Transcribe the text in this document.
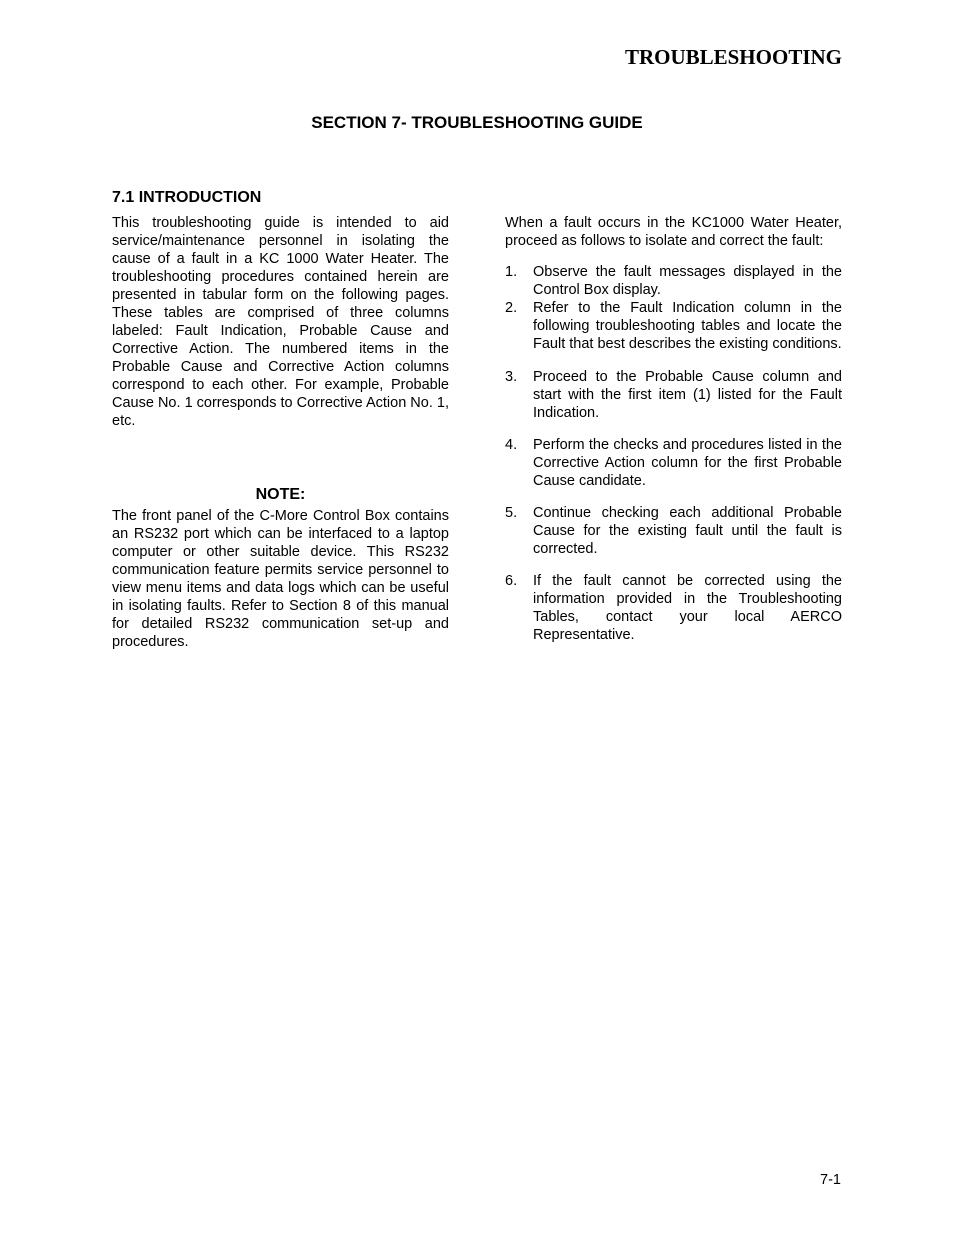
TROUBLESHOOTING
SECTION 7- TROUBLESHOOTING GUIDE
7.1 INTRODUCTION

This troubleshooting guide is intended to aid service/maintenance personnel in isolating the cause of a fault in a KC 1000 Water Heater. The troubleshooting procedures contained herein are presented in tabular form on the following pages. These tables are comprised of three columns labeled: Fault Indication, Probable Cause and Corrective Action. The numbered items in the Probable Cause and Corrective Action columns correspond to each other. For example, Probable Cause No. 1 corresponds to Corrective Action No. 1, etc.

NOTE:

The front panel of the C-More Control Box contains an RS232 port which can be interfaced to a laptop computer or other suitable device. This RS232 communication feature permits service personnel to view menu items and data logs which can be useful in isolating faults. Refer to Section 8 of this manual for detailed RS232 communication set-up and procedures.

When a fault occurs in the KC1000 Water Heater, proceed as follows to isolate and correct the fault:

1.	Observe the fault messages displayed in the Control Box display.
2.	Refer to the Fault Indication column in the following troubleshooting tables and locate the Fault that best describes the existing conditions.
3.	Proceed to the Probable Cause column and start with the first item (1) listed for the Fault Indication.
4.	Perform the checks and procedures listed in the Corrective Action column for the first Probable Cause candidate.
5.	Continue checking each additional Probable Cause for the existing fault until the fault is corrected.
6.	If the fault cannot be corrected using the information provided in the Troubleshooting Tables, contact your local AERCO Representative.
7-1
